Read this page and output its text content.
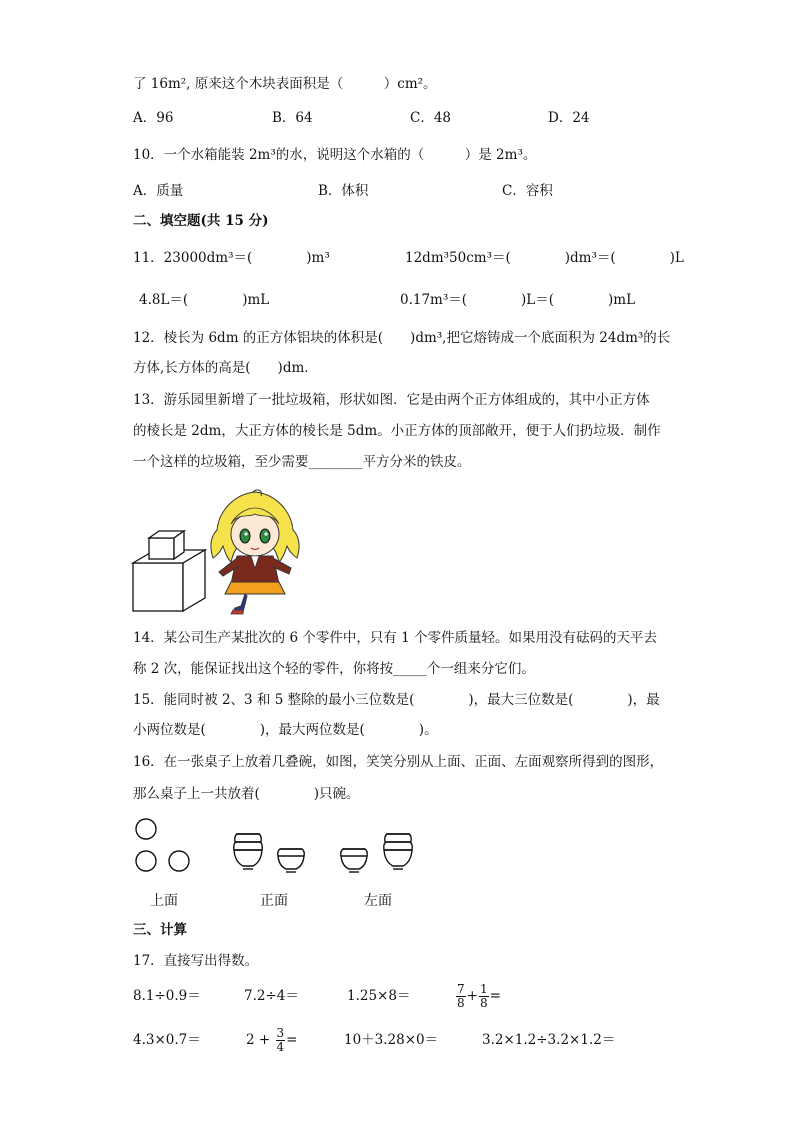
了 16m², 原来这个木块表面积是（　　　）cm²。
A．96	B．64	C．48	D．24
10．一个水箱能装 2m³的水，说明这个水箱的（　　　）是 2m³。
A．质量	B．体积	C．容积
二、填空题(共 15 分)
11．23000dm³＝(　　　　)m³	12dm³50cm³＝(　　　　)dm³＝(　　　　)L
4.8L＝(　　　　)mL	0.17m³＝(　　　　)L＝(　　　　)mL
12．棱长为 6dm 的正方体铝块的体积是(　　)dm³,把它熔铸成一个底面积为 24dm³的长
方体,长方体的高是(　　)dm．
13．游乐园里新增了一批垃圾箱，形状如图．它是由两个正方体组成的，其中小正方体
的棱长是 2dm，大正方体的棱长是 5dm。小正方体的顶部敞开，便于人们扔垃圾．制作
一个这样的垃圾箱，至少需要________平方分米的铁皮。
14．某公司生产某批次的 6 个零件中，只有 1 个零件质量轻。如果用没有砝码的天平去
称 2 次，能保证找出这个轻的零件，你将按_____个一组来分它们。
15．能同时被 2、3 和 5 整除的最小三位数是(　　　　)，最大三位数是(　　　　)，最
小两位数是(　　　　)，最大两位数是(　　　　)。
16．在一张桌子上放着几叠碗，如图，笑笑分别从上面、正面、左面观察所得到的图形，
那么桌子上一共放着(　　　　)只碗。
上面	正面	左面
三、计算
17．直接写出得数。
8.1÷0.9＝	7.2÷4＝	1.25×8＝	$\frac{7}{8} + \frac{1}{8}$ =
4.3×0.7＝	$2 + \frac{3}{4}$ =	10＋3.28×0＝	3.2×1.2÷3.2×1.2＝
